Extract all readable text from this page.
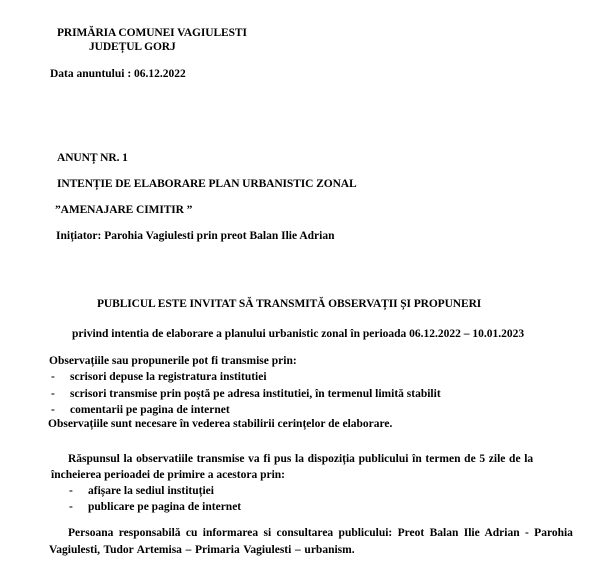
PRIMĂRIA COMUNEI VAGIULESTI
JUDEȚUL GORJ
Data anuntului : 06.12.2022
ANUNȚ NR. 1
INTENȚIE DE ELABORARE PLAN URBANISTIC ZONAL
”AMENAJARE CIMITIR ”
Inițiator: Parohia Vagiulesti prin preot Balan Ilie Adrian
PUBLICUL ESTE INVITAT SĂ TRANSMITĂ OBSERVAȚII ȘI PROPUNERI
privind intentia de elaborare a planului urbanistic zonal în perioada 06.12.2022 – 10.01.2023
Observațiile sau propunerile pot fi transmise prin:
-	scrisori depuse la registratura institutiei
-	scrisori transmise prin poștă pe adresa institutiei, în termenul limită stabilit
-	comentarii pe pagina de internet
Observațiile sunt necesare în vederea stabilirii cerințelor de elaborare.
Răspunsul la observatiile transmise va fi pus la dispoziția publicului în termen de 5 zile de la
încheierea perioadei de primire a acestora prin:
-	afișare la sediul instituției
-	publicare pe pagina de internet
Persoana responsabilă cu informarea si consultarea publicului: Preot Balan Ilie Adrian - Parohia
Vagiulesti, Tudor Artemisa – Primaria Vagiulesti – urbanism.
